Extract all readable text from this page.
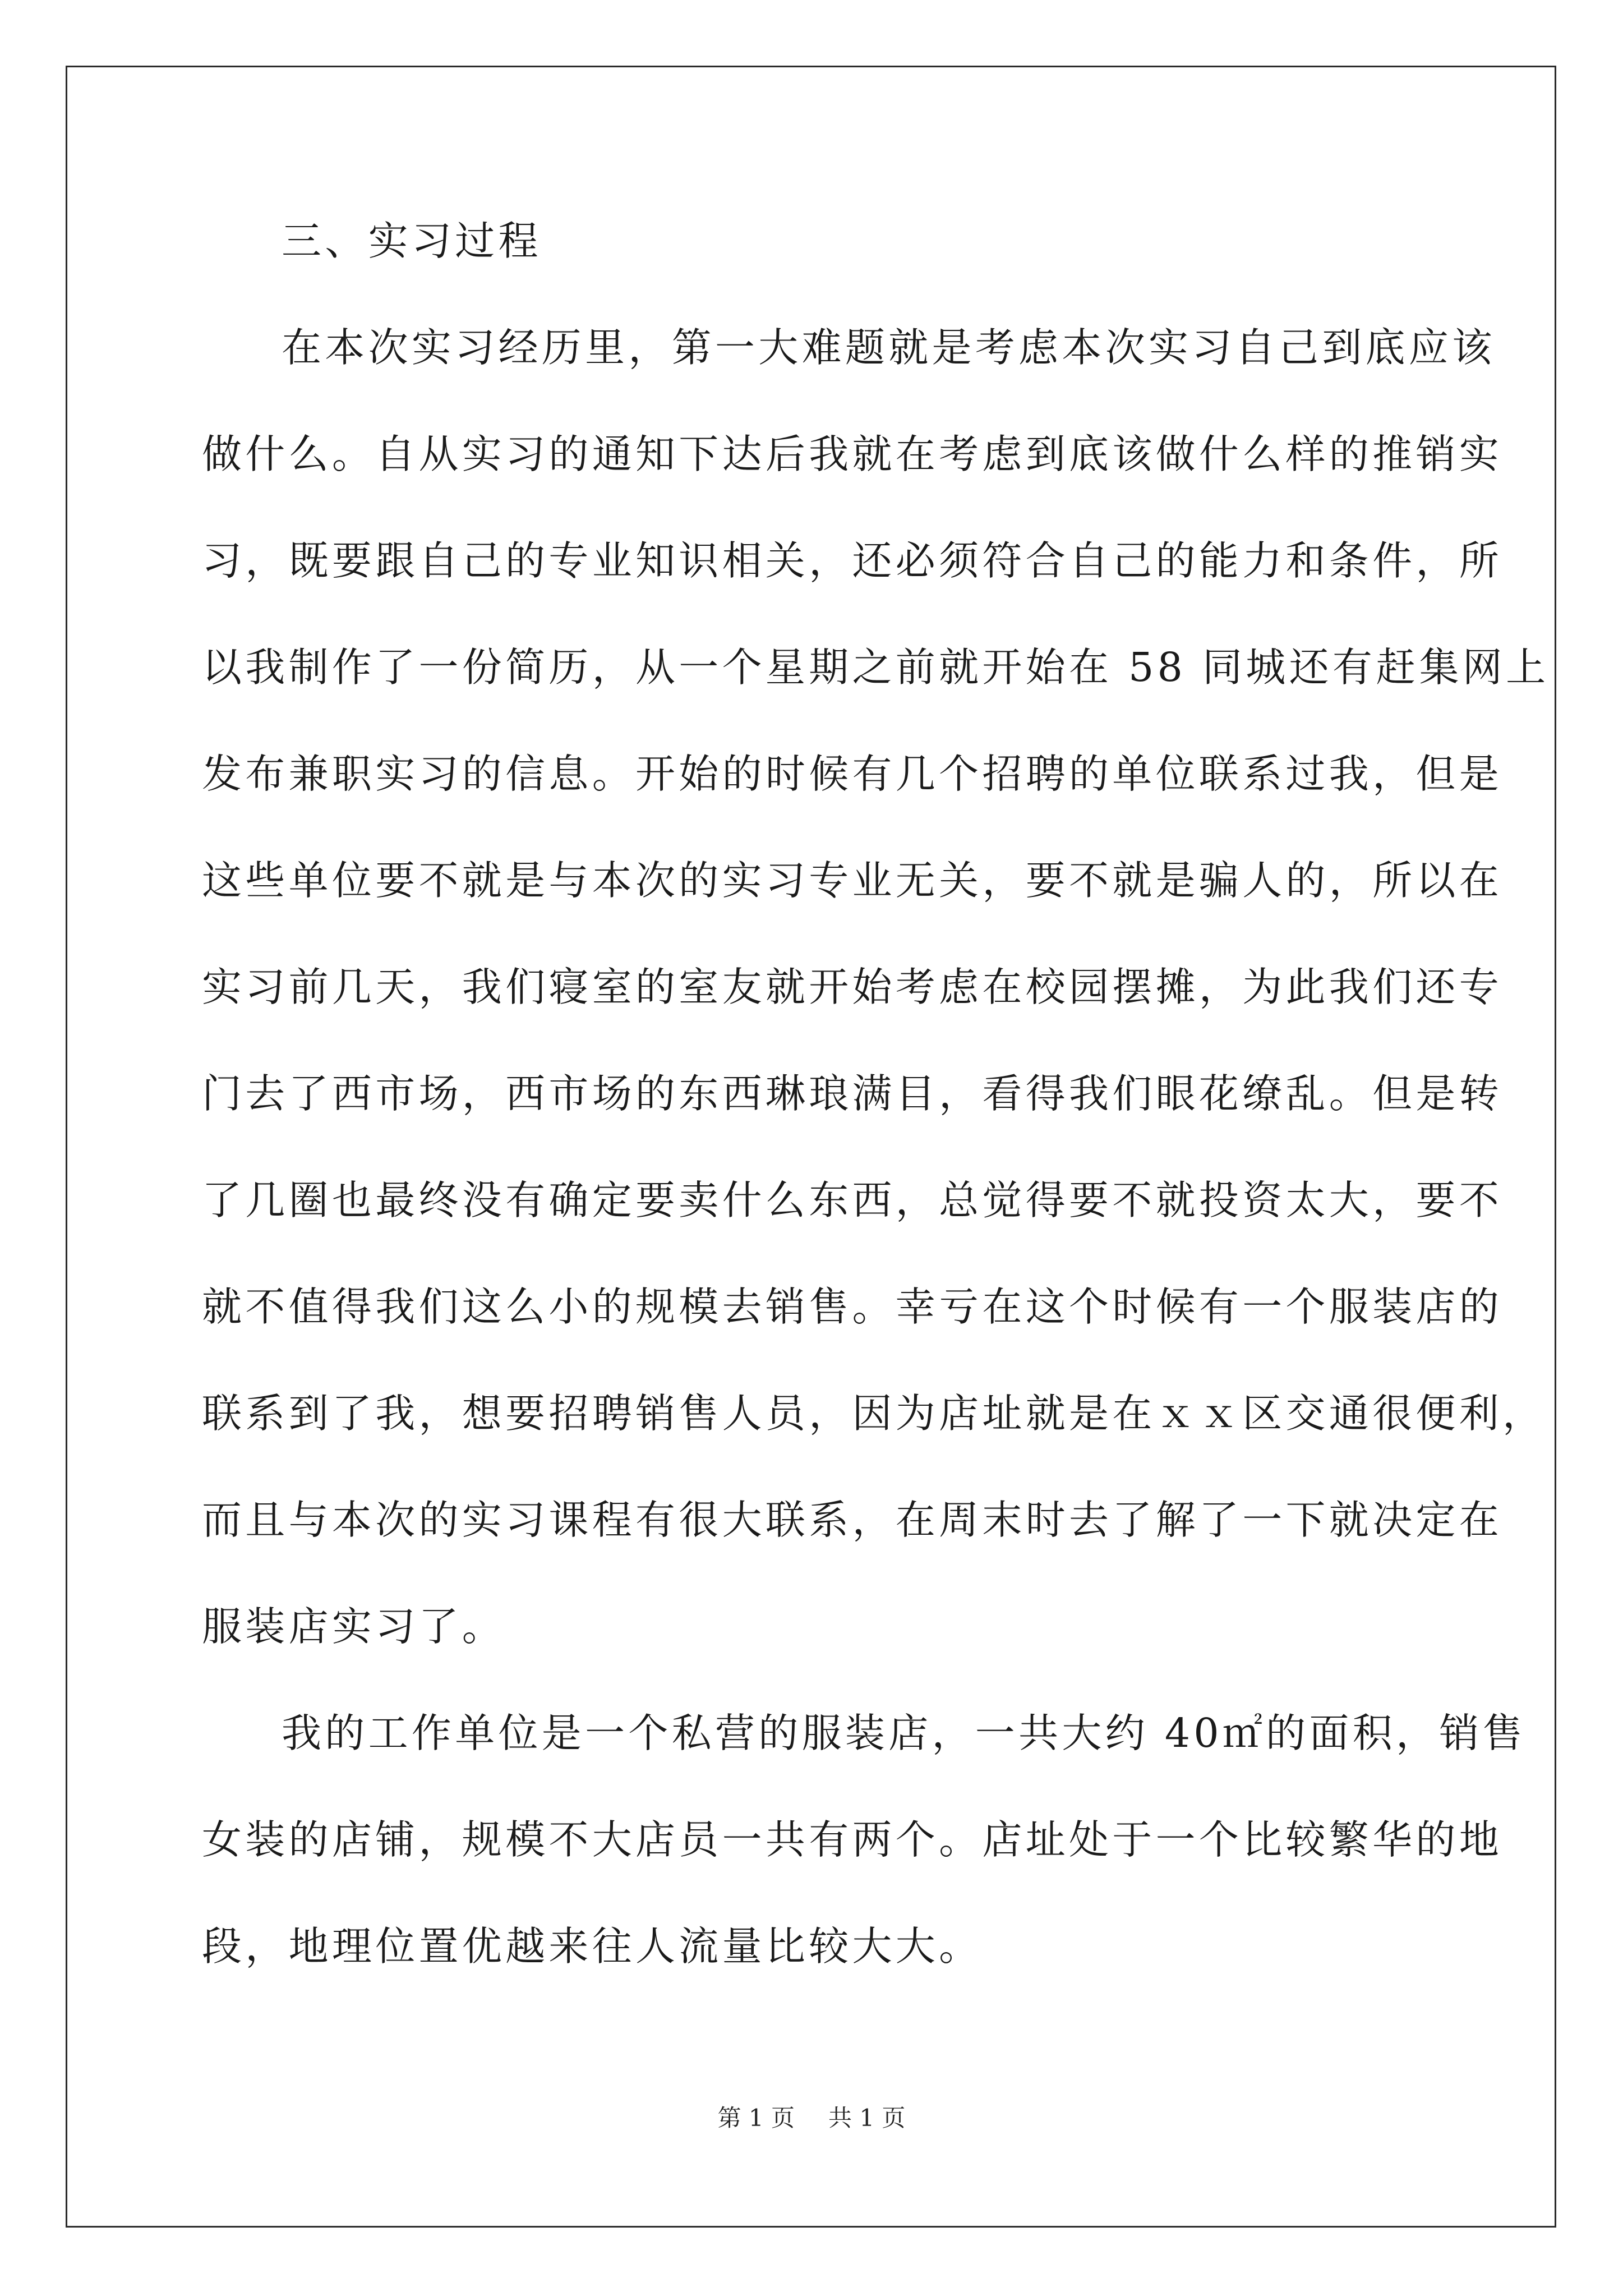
三、实习过程
在本次实习经历里，第一大难题就是考虑本次实习自己到底应该
做什么。自从实习的通知下达后我就在考虑到底该做什么样的推销实
习，既要跟自己的专业知识相关，还必须符合自己的能力和条件，所
以我制作了一份简历，从一个星期之前就开始在 58 同城还有赶集网上
发布兼职实习的信息。开始的时候有几个招聘的单位联系过我，但是
这些单位要不就是与本次的实习专业无关，要不就是骗人的，所以在
实习前几天，我们寝室的室友就开始考虑在校园摆摊，为此我们还专
门去了西市场，西市场的东西琳琅满目，看得我们眼花缭乱。但是转
了几圈也最终没有确定要卖什么东西，总觉得要不就投资太大，要不
就不值得我们这么小的规模去销售。幸亏在这个时候有一个服装店的
联系到了我，想要招聘销售人员，因为店址就是在ｘｘ区交通很便利，
而且与本次的实习课程有很大联系，在周末时去了解了一下就决定在
服装店实习了。
我的工作单位是一个私营的服装店，一共大约 40㎡的面积，销售
女装的店铺，规模不大店员一共有两个。店址处于一个比较繁华的地
段，地理位置优越来往人流量比较大大。
第 1 页 共 1 页
